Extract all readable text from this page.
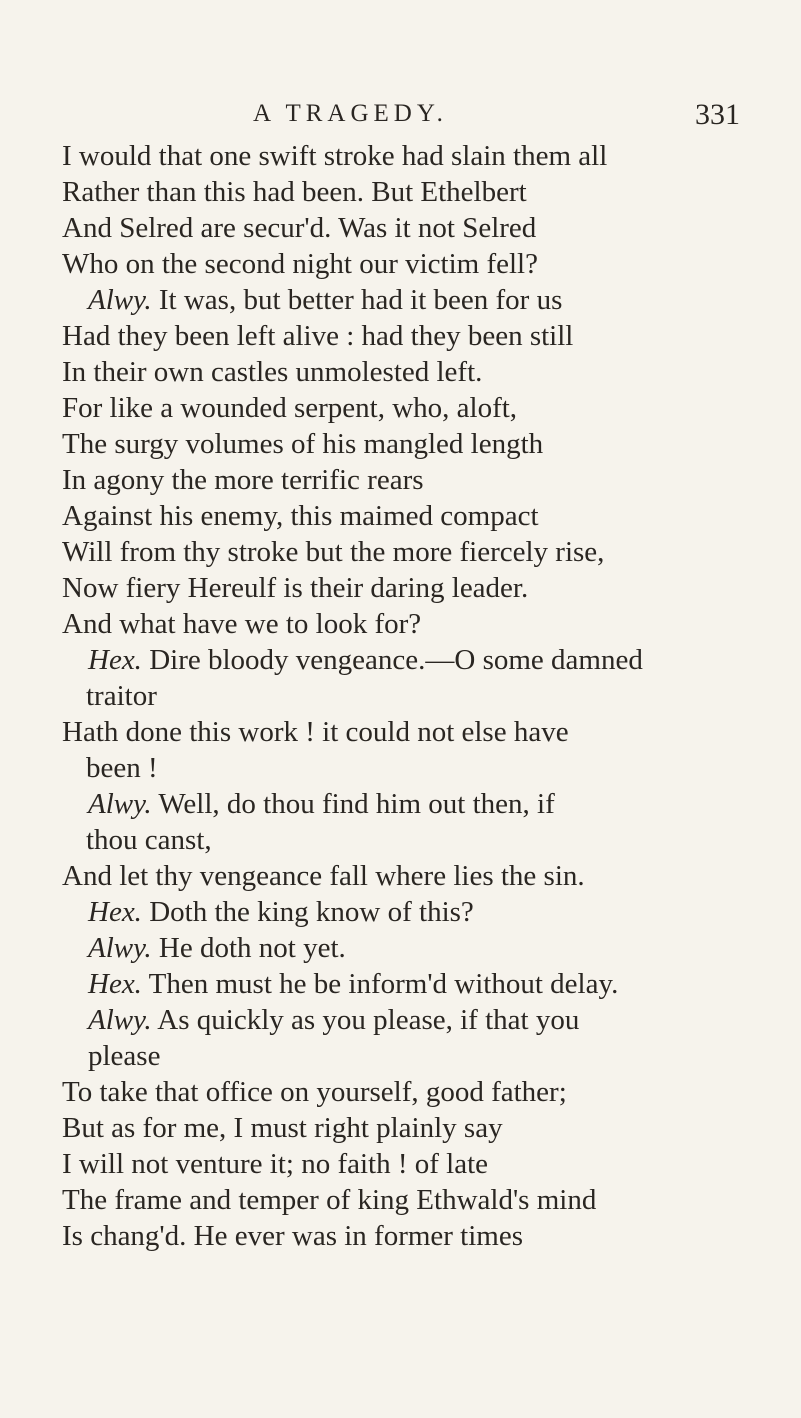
A TRAGEDY.	331
I would that one swift stroke had slain them all
Rather than this had been. But Ethelbert
And Selred are secur'd. Was it not Selred
Who on the second night our victim fell?
Alwy. It was, but better had it been for us
Had they been left alive : had they been still
In their own castles unmolested left.
For like a wounded serpent, who, aloft,
The surgy volumes of his mangled length
In agony the more terrific rears
Against his enemy, this maimed compact
Will from thy stroke but the more fiercely rise,
Now fiery Hereulf is their daring leader.
And what have we to look for?
Hex. Dire bloody vengeance.—O some damned
traitor
Hath done this work ! it could not else have
been !
Alwy. Well, do thou find him out then, if
thou canst,
And let thy vengeance fall where lies the sin.
Hex. Doth the king know of this?
Alwy. He doth not yet.
Hex. Then must he be inform'd without delay.
Alwy. As quickly as you please, if that you
please
To take that office on yourself, good father;
But as for me, I must right plainly say
I will not venture it; no faith ! of late
The frame and temper of king Ethwald's mind
Is chang'd. He ever was in former times
